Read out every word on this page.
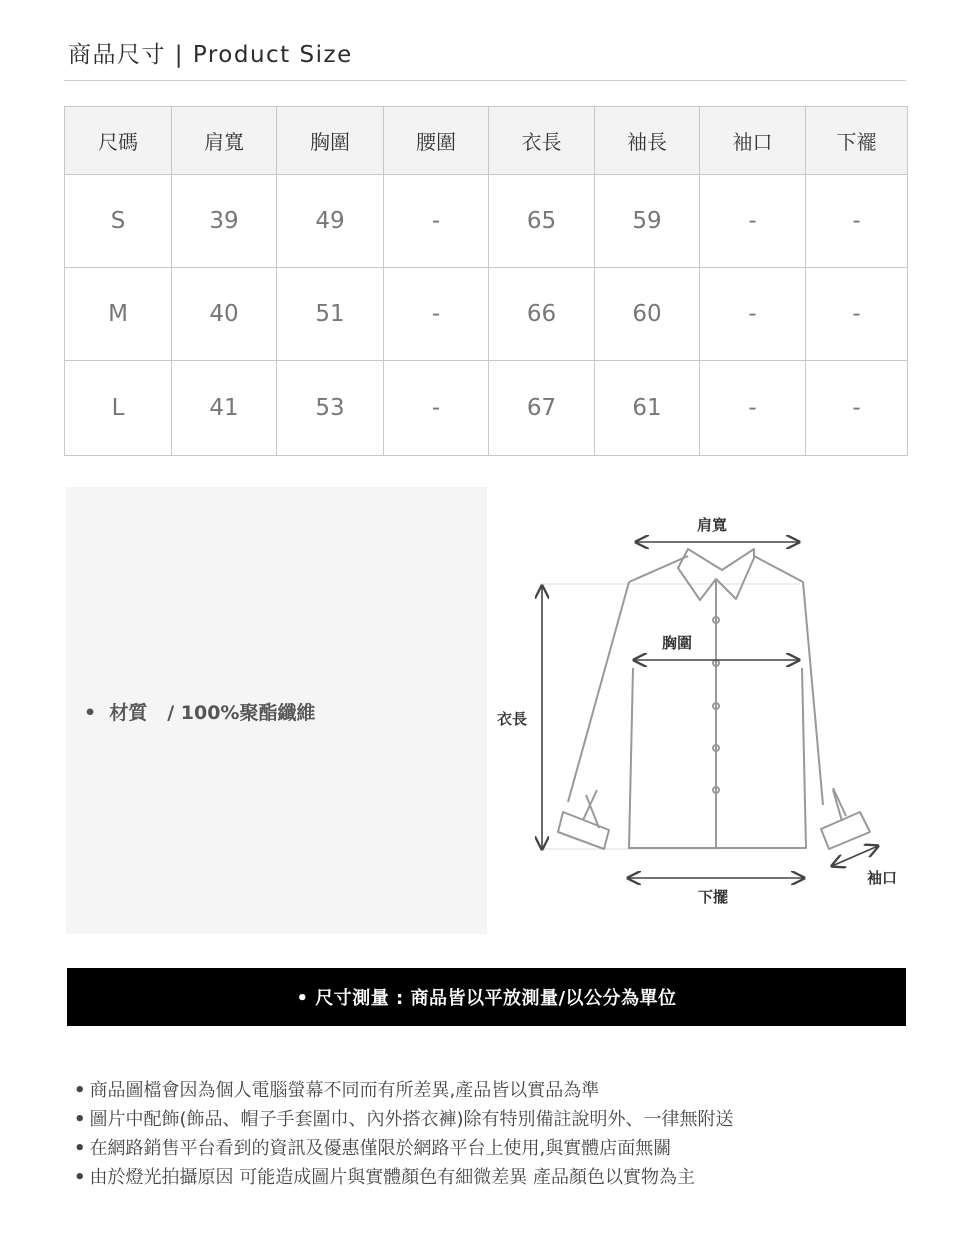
商品尺寸 | Product Size
尺碼	肩寬	胸圍	腰圍	衣長	袖長	袖口	下襬
S	39	49	-	65	59	-	-
M	40	51	-	66	60	-	-
L	41	53	-	67	61	-	-
•  材質   / 100%聚酯纖維
肩寬
胸圍
衣長
袖口
下擺
• 尺寸測量 : 商品皆以平放測量/以公分為單位
• 商品圖檔會因為個人電腦螢幕不同而有所差異,產品皆以實品為準
• 圖片中配飾(飾品、帽子手套圍巾、內外搭衣褲)除有特別備註說明外、一律無附送
• 在網路銷售平台看到的資訊及優惠僅限於網路平台上使用,與實體店面無關
• 由於燈光拍攝原因 可能造成圖片與實體顏色有細微差異 產品顏色以實物為主
